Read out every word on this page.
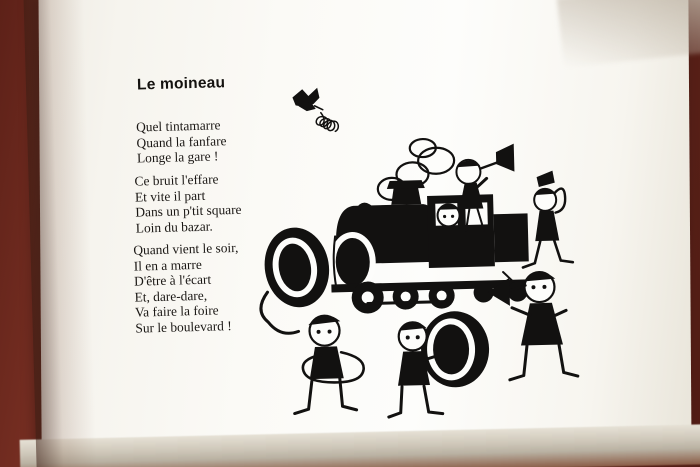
Le moineau
Quel tintamarre
Quand la fanfare
Longe la gare !
Ce bruit l'effare
Et vite il part
Dans un p'tit square
Loin du bazar.
Quand vient le soir,
Il en a marre
D'être à l'écart
Et, dare-dare,
Va faire la foire
Sur le boulevard !
